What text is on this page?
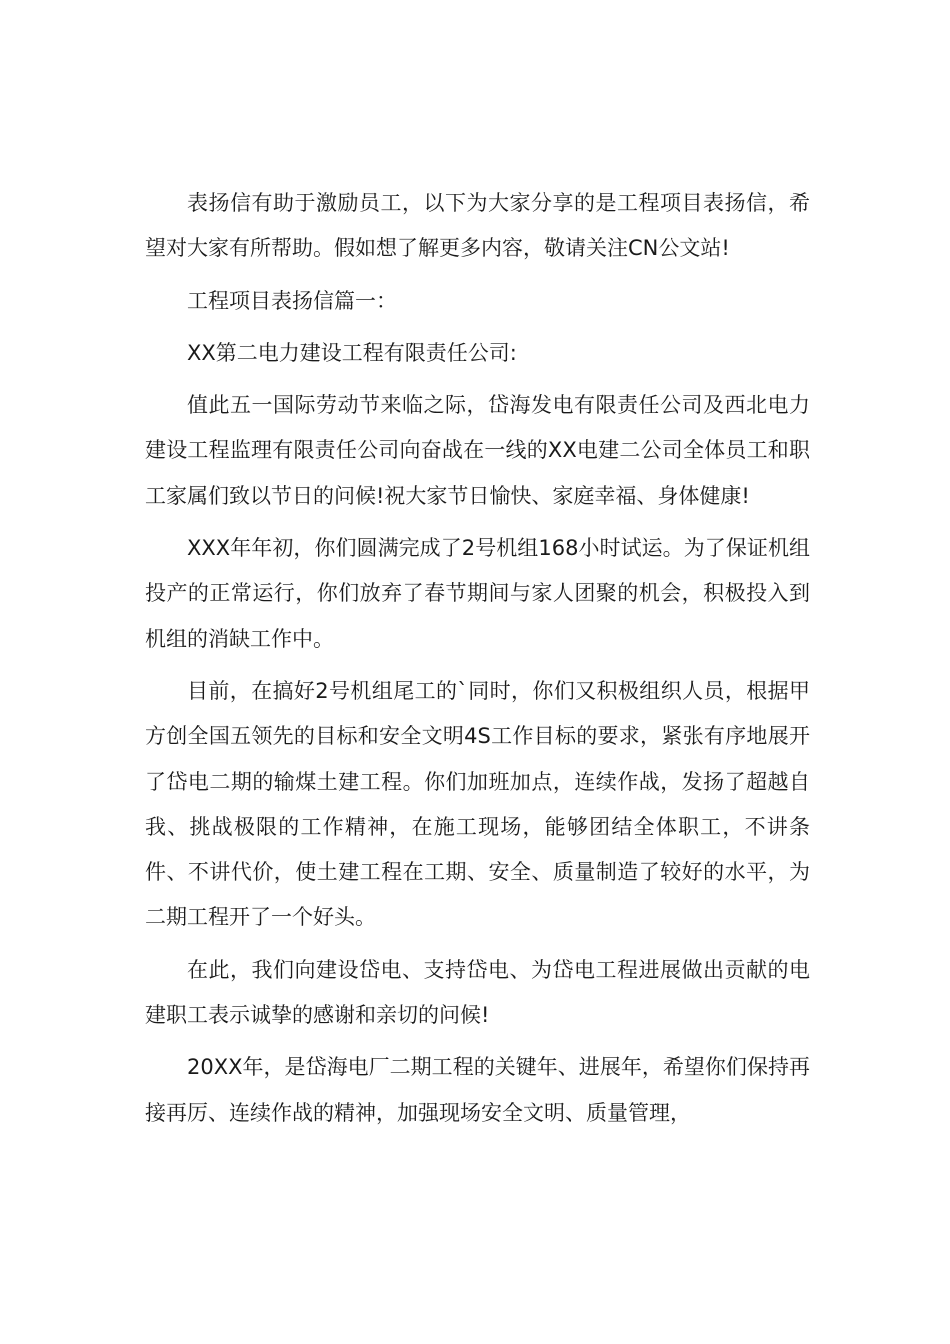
表扬信有助于激励员工，以下为大家分享的是工程项目表扬信，希望对大家有所帮助。假如想了解更多内容，敬请关注CN公文站!

工程项目表扬信篇一：

XX第二电力建设工程有限责任公司:

值此五一国际劳动节来临之际，岱海发电有限责任公司及西北电力建设工程监理有限责任公司向奋战在一线的XX电建二公司全体员工和职工家属们致以节日的问候!祝大家节日愉快、家庭幸福、身体健康!

XXX年年初，你们圆满完成了2号机组168小时试运。为了保证机组投产的正常运行，你们放弃了春节期间与家人团聚的机会，积极投入到机组的消缺工作中。

目前，在搞好2号机组尾工的`同时，你们又积极组织人员，根据甲方创全国五领先的目标和安全文明4S工作目标的要求，紧张有序地展开了岱电二期的输煤土建工程。你们加班加点，连续作战，发扬了超越自我、挑战极限的工作精神，在施工现场，能够团结全体职工，不讲条件、不讲代价，使土建工程在工期、安全、质量制造了较好的水平，为二期工程开了一个好头。

在此，我们向建设岱电、支持岱电、为岱电工程进展做出贡献的电建职工表示诚挚的感谢和亲切的问候!

20XX年，是岱海电厂二期工程的关键年、进展年，希望你们保持再接再厉、连续作战的精神，加强现场安全文明、质量管理，
